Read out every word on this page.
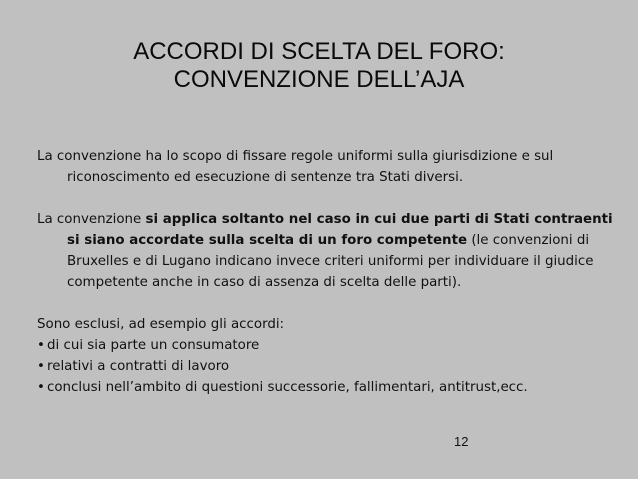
ACCORDI DI SCELTA DEL FORO:
CONVENZIONE DELL’AJA

La convenzione ha lo scopo di fissare regole uniformi sulla giurisdizione e sul riconoscimento ed esecuzione di sentenze tra Stati diversi.

La convenzione si applica soltanto nel caso in cui due parti di Stati contraenti si siano accordate sulla scelta di un foro competente (le convenzioni di Bruxelles e di Lugano indicano invece criteri uniformi per individuare il giudice competente anche in caso di assenza di scelta delle parti).

Sono esclusi, ad esempio gli accordi:
• di cui sia parte un consumatore
• relativi a contratti di lavoro
• conclusi nell’ambito di questioni successorie, fallimentari, antitrust,ecc.
12
